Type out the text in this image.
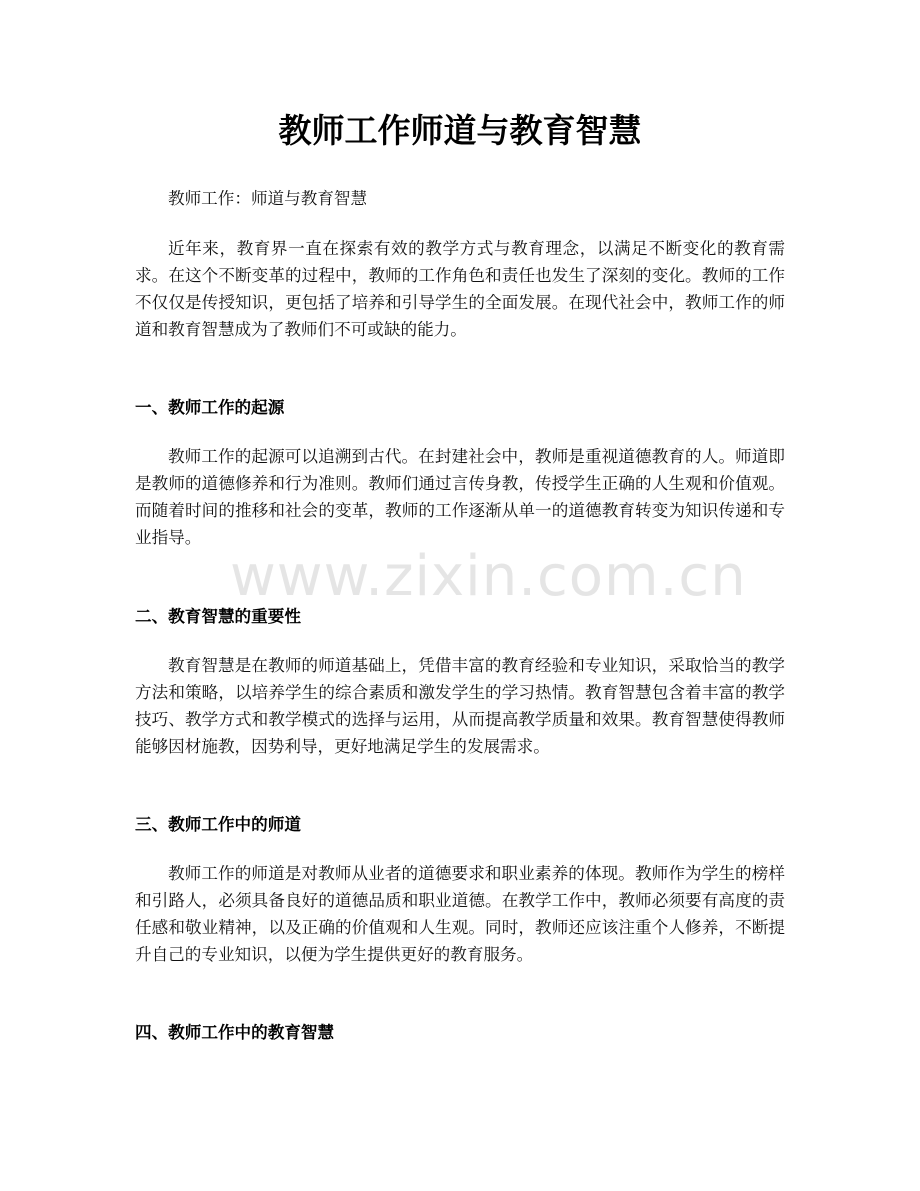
教师工作师道与教育智慧

教师工作：师道与教育智慧

近年来，教育界一直在探索有效的教学方式与教育理念，以满足不断变化的教育需求。在这个不断变革的过程中，教师的工作角色和责任也发生了深刻的变化。教师的工作不仅仅是传授知识，更包括了培养和引导学生的全面发展。在现代社会中，教师工作的师道和教育智慧成为了教师们不可或缺的能力。

一、教师工作的起源

教师工作的起源可以追溯到古代。在封建社会中，教师是重视道德教育的人。师道即是教师的道德修养和行为准则。教师们通过言传身教，传授学生正确的人生观和价值观。而随着时间的推移和社会的变革，教师的工作逐渐从单一的道德教育转变为知识传递和专业指导。

二、教育智慧的重要性

教育智慧是在教师的师道基础上，凭借丰富的教育经验和专业知识，采取恰当的教学方法和策略，以培养学生的综合素质和激发学生的学习热情。教育智慧包含着丰富的教学技巧、教学方式和教学模式的选择与运用，从而提高教学质量和效果。教育智慧使得教师能够因材施教，因势利导，更好地满足学生的发展需求。

三、教师工作中的师道

教师工作的师道是对教师从业者的道德要求和职业素养的体现。教师作为学生的榜样和引路人，必须具备良好的道德品质和职业道德。在教学工作中，教师必须要有高度的责任感和敬业精神，以及正确的价值观和人生观。同时，教师还应该注重个人修养，不断提升自己的专业知识，以便为学生提供更好的教育服务。

四、教师工作中的教育智慧
www.zixin.com.cn
